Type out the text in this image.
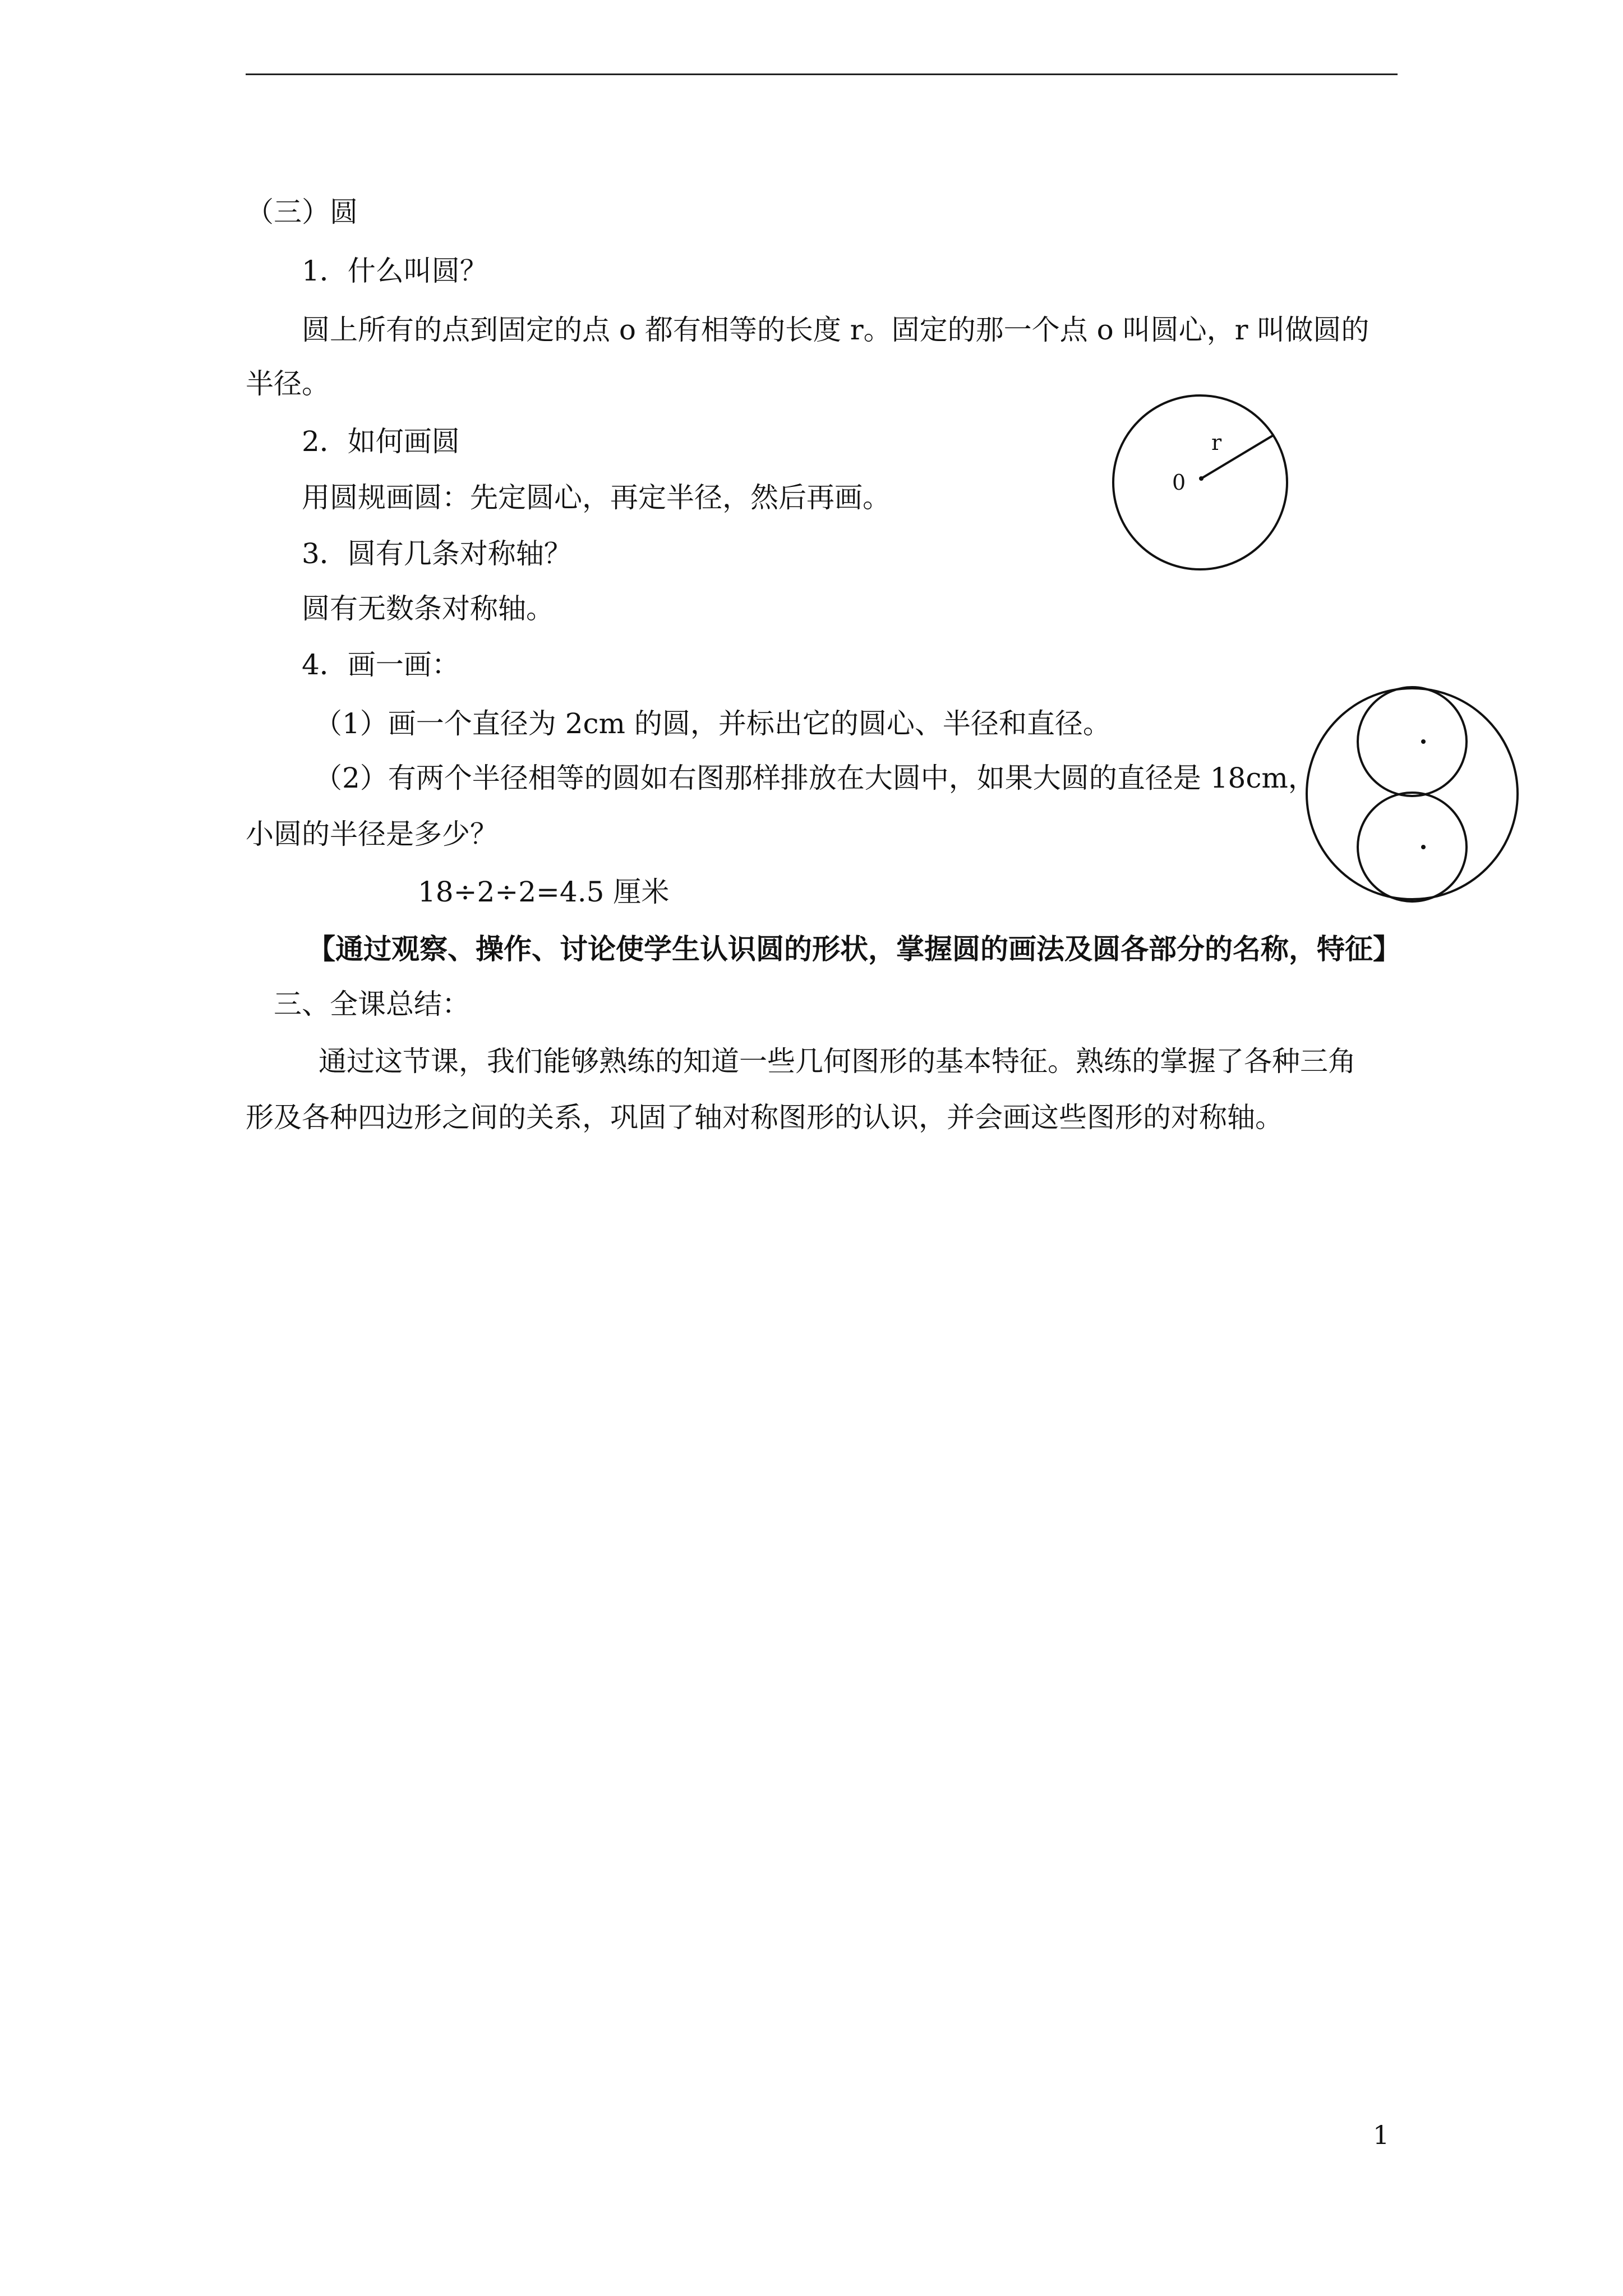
（三）圆
1．什么叫圆？
圆上所有的点到固定的点 o 都有相等的长度 r。固定的那一个点 o 叫圆心，r 叫做圆的
半径。
2．如何画圆
用圆规画圆：先定圆心，再定半径，然后再画。
3．圆有几条对称轴？
圆有无数条对称轴。
4．画一画：
（1）画一个直径为 2cm 的圆，并标出它的圆心、半径和直径。
（2）有两个半径相等的圆如右图那样排放在大圆中，如果大圆的直径是 18cm，
小圆的半径是多少？
18÷2÷2=4.5 厘米
【通过观察、操作、讨论使学生认识圆的形状，掌握圆的画法及圆各部分的名称，特征】
三、全课总结：
通过这节课，我们能够熟练的知道一些几何图形的基本特征。熟练的掌握了各种三角
形及各种四边形之间的关系，巩固了轴对称图形的认识，并会画这些图形的对称轴。
0
r
1
